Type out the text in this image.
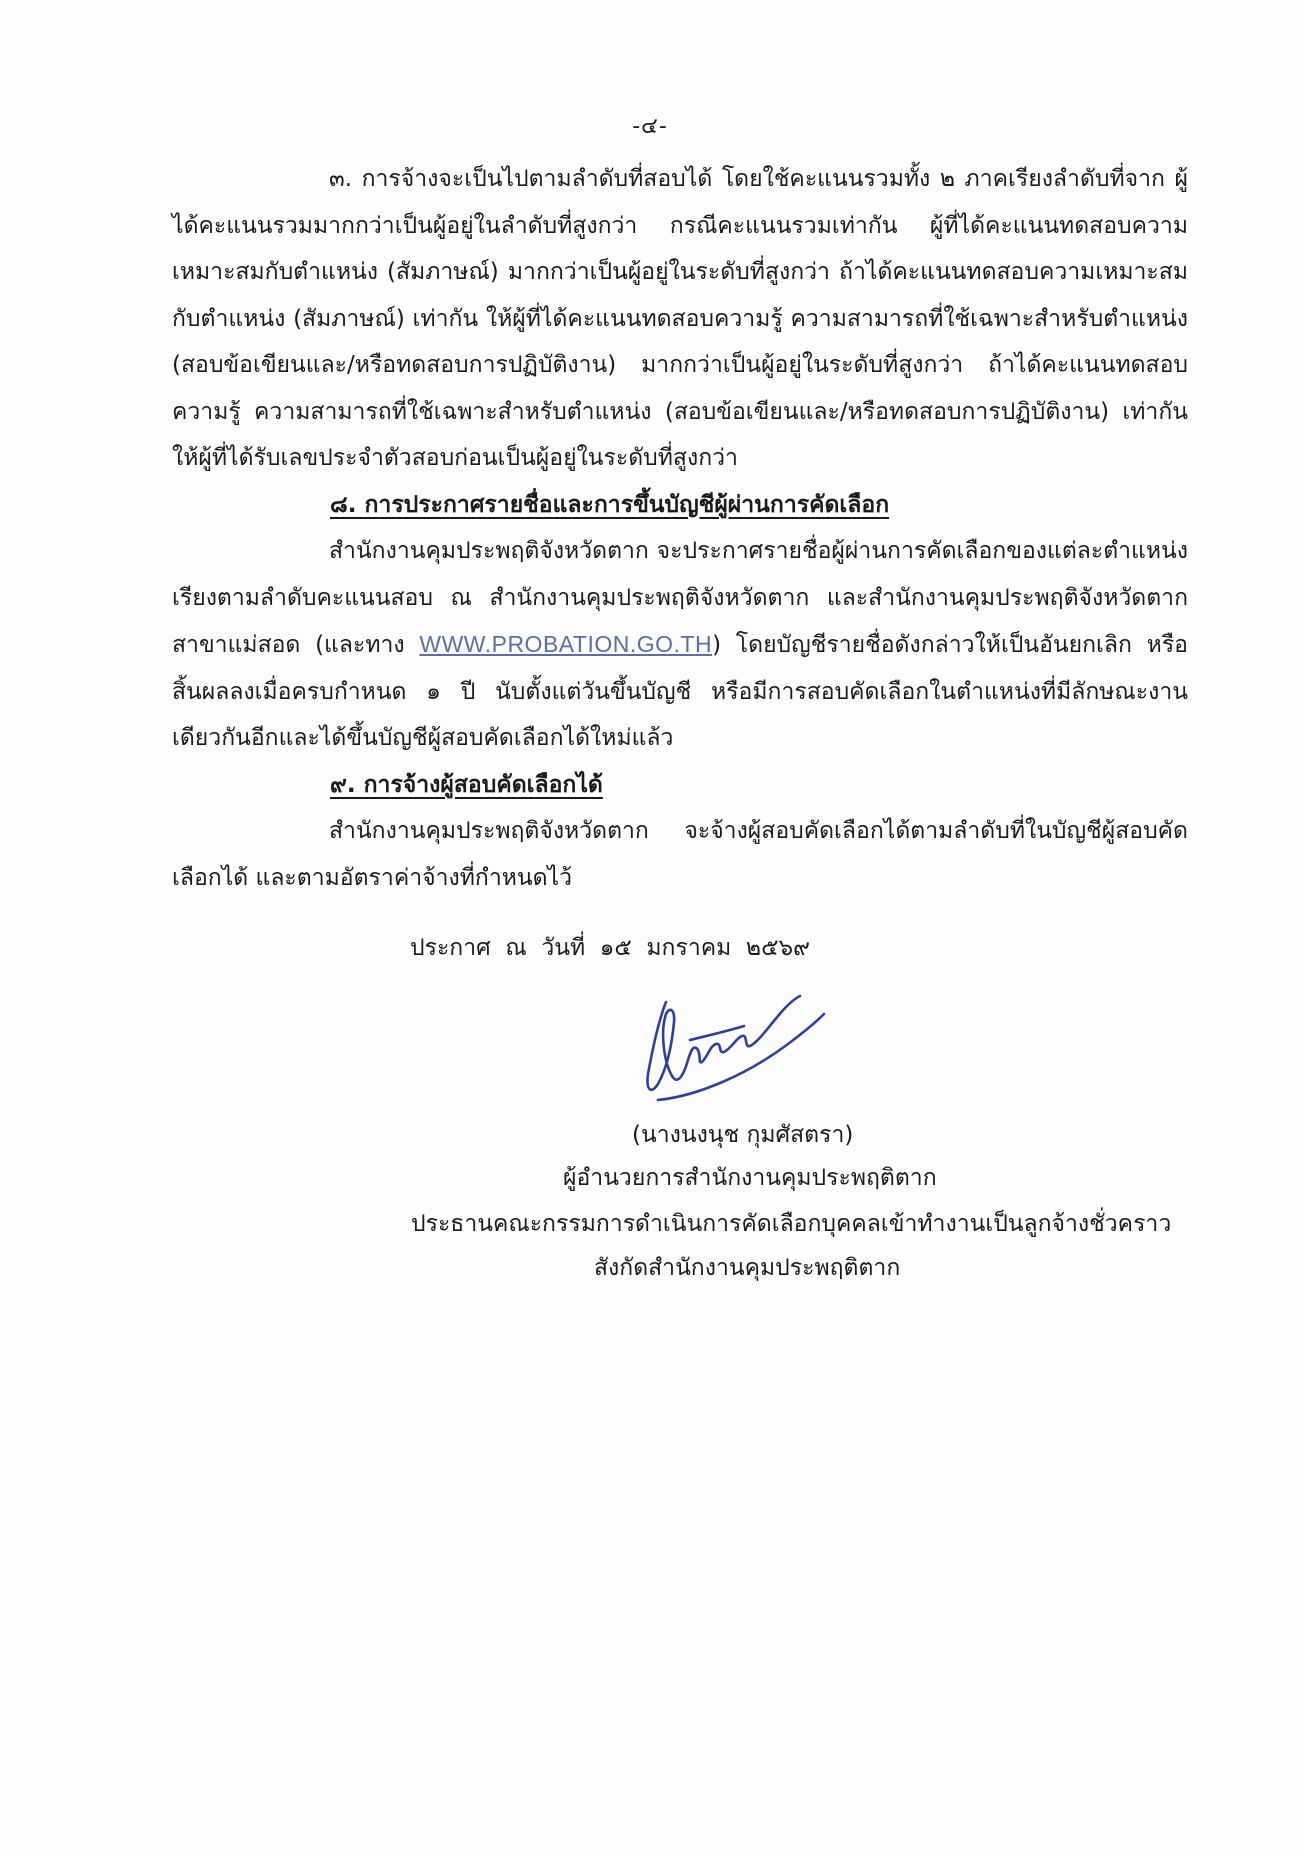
-๔-

๓. การจ้างจะเป็นไปตามลำดับที่สอบได้ โดยใช้คะแนนรวมทั้ง ๒ ภาคเรียงลำดับที่จาก ผู้ได้คะแนนรวมมากกว่าเป็นผู้อยู่ในลำดับที่สูงกว่า กรณีคะแนนรวมเท่ากัน ผู้ที่ได้คะแนนทดสอบความเหมาะสมกับตำแหน่ง (สัมภาษณ์) มากกว่าเป็นผู้อยู่ในระดับที่สูงกว่า ถ้าได้คะแนนทดสอบความเหมาะสมกับตำแหน่ง (สัมภาษณ์) เท่ากัน ให้ผู้ที่ได้คะแนนทดสอบความรู้ ความสามารถที่ใช้เฉพาะสำหรับตำแหน่ง (สอบข้อเขียนและ/หรือทดสอบการปฏิบัติงาน) มากกว่าเป็นผู้อยู่ในระดับที่สูงกว่า ถ้าได้คะแนนทดสอบความรู้ ความสามารถที่ใช้เฉพาะสำหรับตำแหน่ง (สอบข้อเขียนและ/หรือทดสอบการปฏิบัติงาน) เท่ากัน ให้ผู้ที่ได้รับเลขประจำตัวสอบก่อนเป็นผู้อยู่ในระดับที่สูงกว่า

๘. การประกาศรายชื่อและการขึ้นบัญชีผู้ผ่านการคัดเลือก

สำนักงานคุมประพฤติจังหวัดตาก จะประกาศรายชื่อผู้ผ่านการคัดเลือกของแต่ละตำแหน่ง เรียงตามลำดับคะแนนสอบ ณ สำนักงานคุมประพฤติจังหวัดตาก และสำนักงานคุมประพฤติจังหวัดตาก สาขาแม่สอด (และทาง WWW.PROBATION.GO.TH) โดยบัญชีรายชื่อดังกล่าวให้เป็นอันยกเลิก หรือสิ้นผลลงเมื่อครบกำหนด ๑ ปี นับตั้งแต่วันขึ้นบัญชี หรือมีการสอบคัดเลือกในตำแหน่งที่มีลักษณะงานเดียวกันอีกและได้ขึ้นบัญชีผู้สอบคัดเลือกได้ใหม่แล้ว

๙. การจ้างผู้สอบคัดเลือกได้

สำนักงานคุมประพฤติจังหวัดตาก จะจ้างผู้สอบคัดเลือกได้ตามลำดับที่ในบัญชีผู้สอบคัดเลือกได้ และตามอัตราค่าจ้างที่กำหนดไว้

ประกาศ  ณ  วันที่  ๑๕  มกราคม  ๒๕๖๙
(นางนงนุช กุมศัสตรา)
ผู้อำนวยการสำนักงานคุมประพฤติตาก
ประธานคณะกรรมการดำเนินการคัดเลือกบุคคลเข้าทำงานเป็นลูกจ้างชั่วคราว
สังกัดสำนักงานคุมประพฤติตาก
